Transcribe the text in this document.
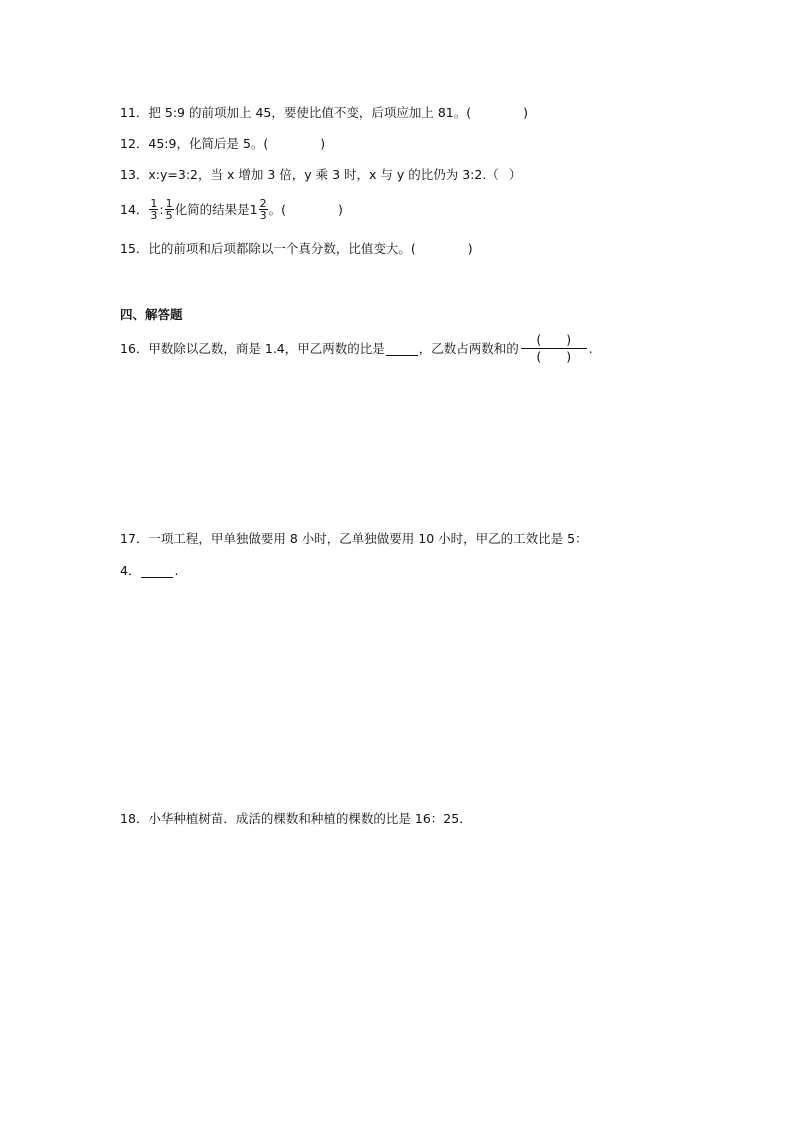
11． 把 5:9 的前项加上 45，要使比值不变，后项应加上 81。(	)
12． 45:9，化简后是 5。(	)
13． x:y=3:2，当 x 增加 3 倍，y 乘 3 时，x 与 y 的比仍为 3:2.（ ）
14． $\frac{1}{3}$ : $\frac{1}{5}$ 化简的结果是 $1 \frac{2}{3}$ 。(	)
15． 比的前项和后项都除以一个真分数，比值变大。(	)
四、解答题
16． 甲数除以乙数，商是 1.4，甲乙两数的比是	，乙数占两数和的 $\frac{( )}{( )}$ .
17． 一项工程，甲单独做要用 8 小时，乙单独做要用 10 小时，甲乙的工效比是 5：
4．	.
18． 小华种植树苗．成活的棵数和种植的棵数的比是 16：25．
